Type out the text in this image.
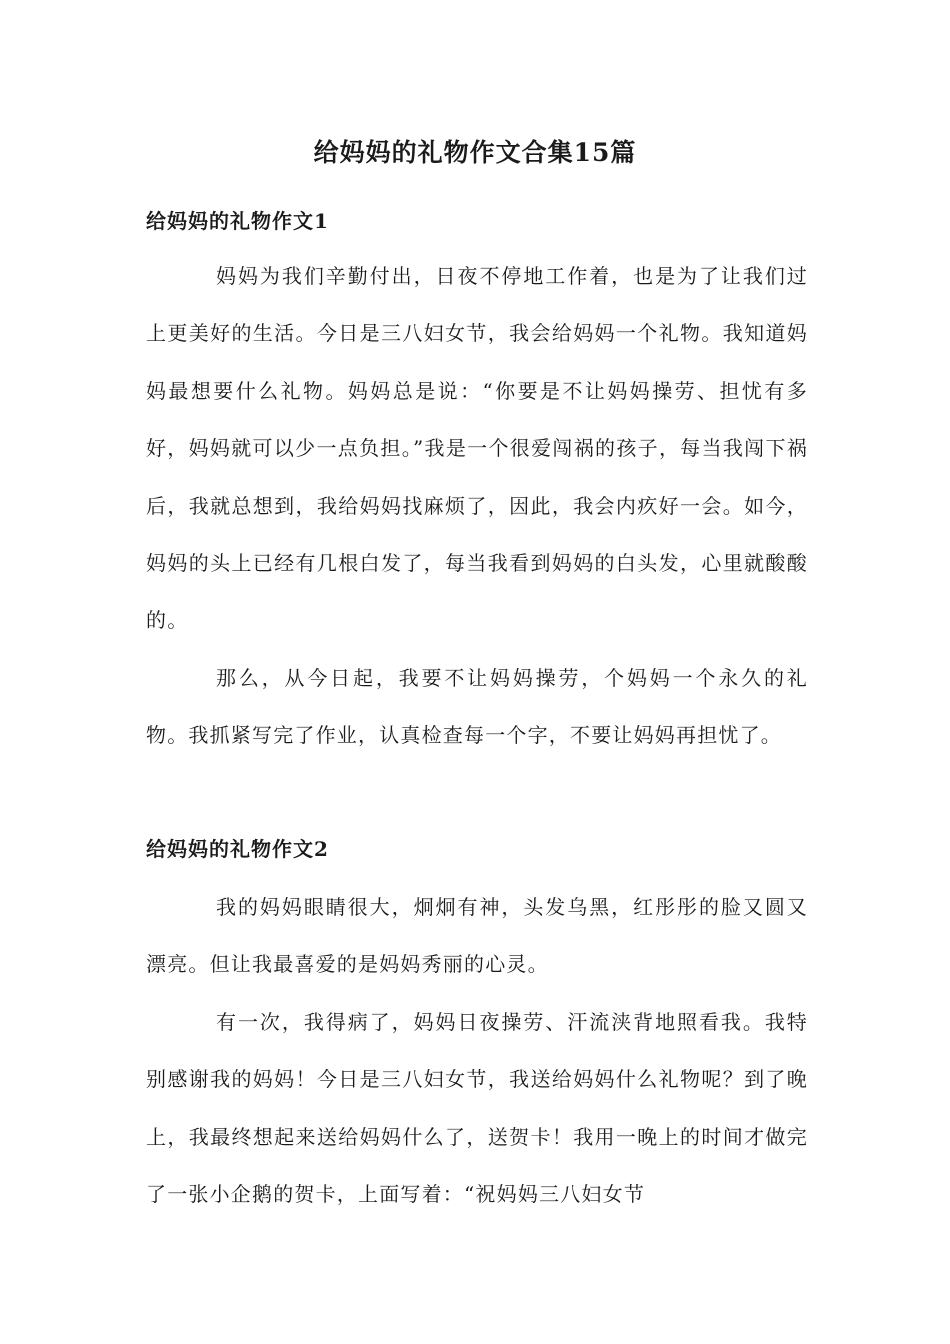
给妈妈的礼物作文合集15篇
给妈妈的礼物作文1

妈妈为我们辛勤付出，日夜不停地工作着，也是为了让我们过上更美好的生活。今日是三八妇女节，我会给妈妈一个礼物。我知道妈妈最想要什么礼物。妈妈总是说：“你要是不让妈妈操劳、担忧有多好，妈妈就可以少一点负担。”我是一个很爱闯祸的孩子，每当我闯下祸后，我就总想到，我给妈妈找麻烦了，因此，我会内疚好一会。如今，妈妈的头上已经有几根白发了，每当我看到妈妈的白头发，心里就酸酸的。

那么，从今日起，我要不让妈妈操劳，个妈妈一个永久的礼物。我抓紧写完了作业，认真检查每一个字，不要让妈妈再担忧了。

给妈妈的礼物作文2

我的妈妈眼睛很大，炯炯有神，头发乌黑，红彤彤的脸又圆又漂亮。但让我最喜爱的是妈妈秀丽的心灵。

有一次，我得病了，妈妈日夜操劳、汗流浃背地照看我。我特别感谢我的妈妈！今日是三八妇女节，我送给妈妈什么礼物呢？到了晚上，我最终想起来送给妈妈什么了，送贺卡！我用一晚上的时间才做完了一张小企鹅的贺卡，上面写着：“祝妈妈三八妇女节
